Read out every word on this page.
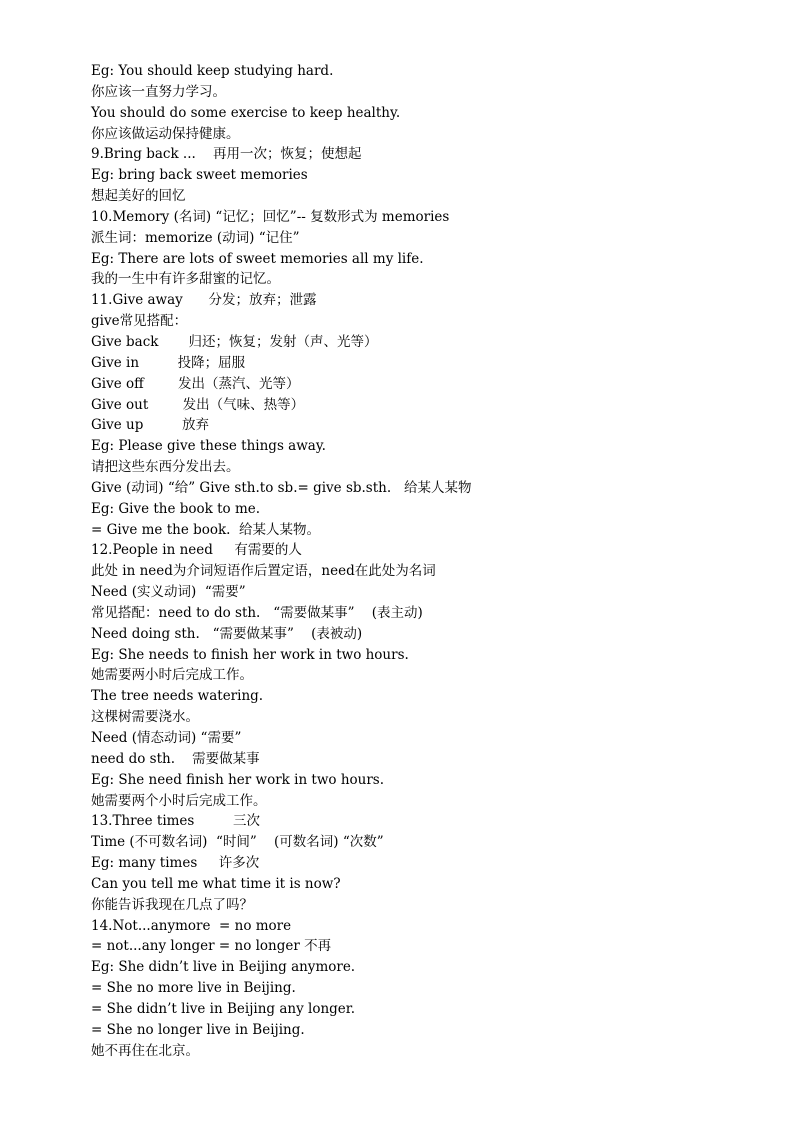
Eg: You should keep studying hard.
你应该一直努力学习。
You should do some exercise to keep healthy.
你应该做运动保持健康。
9.Bring back ...    再用一次；恢复；使想起
Eg: bring back sweet memories
想起美好的回忆
10.Memory (名词) “记忆；回忆”-- 复数形式为 memories
派生词：memorize (动词) “记住”
Eg: There are lots of sweet memories all my life.
我的一生中有许多甜蜜的记忆。
11.Give away      分发；放弃；泄露
give常见搭配：
Give back       归还；恢复；发射（声、光等）
Give in         投降；屈服
Give off        发出（蒸汽、光等）
Give out        发出（气味、热等）
Give up         放弃
Eg: Please give these things away.
请把这些东西分发出去。
Give (动词) “给” Give sth.to sb.= give sb.sth.   给某人某物
Eg: Give the book to me.
= Give me the book.  给某人某物。
12.People in need     有需要的人
此处 in need为介词短语作后置定语，need在此处为名词
Need (实义动词)  “需要”
常见搭配：need to do sth.   “需要做某事”    (表主动)
Need doing sth.   “需要做某事”    (表被动)
Eg: She needs to finish her work in two hours.
她需要两小时后完成工作。
The tree needs watering.
这棵树需要浇水。
Need (情态动词) “需要”
need do sth.    需要做某事
Eg: She need finish her work in two hours.
她需要两个小时后完成工作。
13.Three times         三次
Time (不可数名词)  “时间”    (可数名词) “次数”
Eg: many times     许多次
Can you tell me what time it is now?
你能告诉我现在几点了吗？
14.Not...anymore  = no more
= not...any longer = no longer 不再
Eg: She didn’t live in Beijing anymore.
= She no more live in Beijing.
= She didn’t live in Beijing any longer.
= She no longer live in Beijing.
她不再住在北京。
